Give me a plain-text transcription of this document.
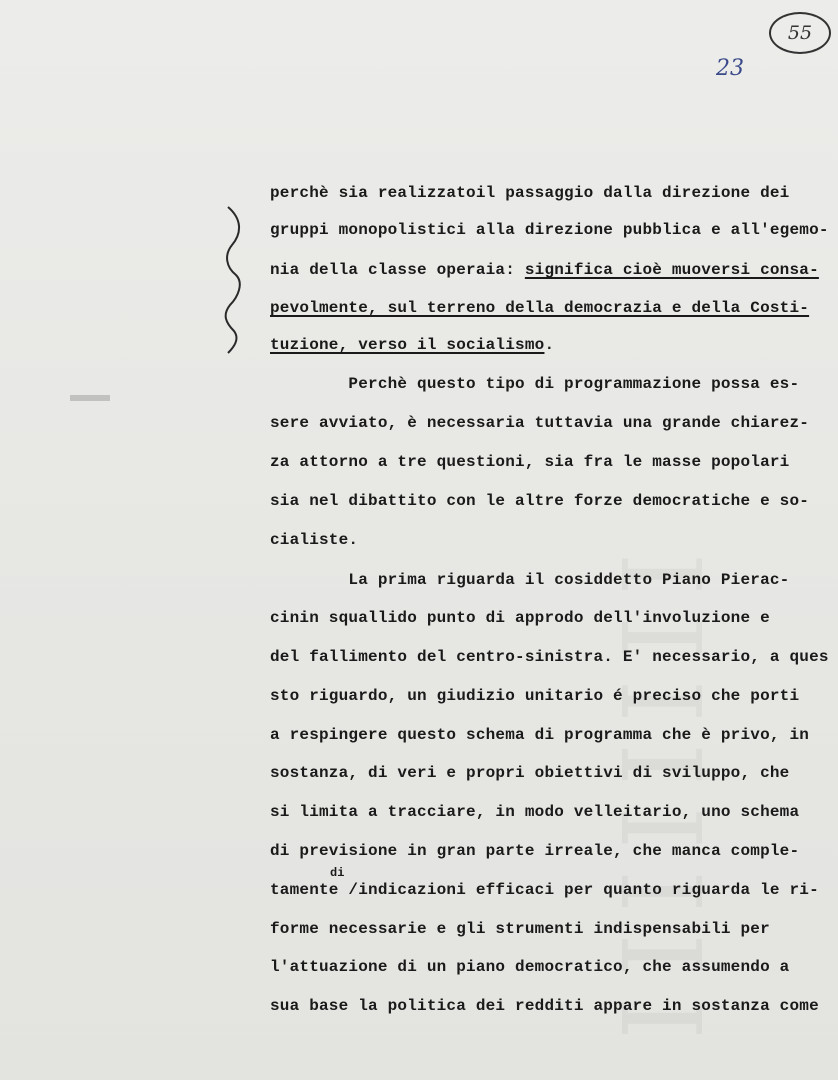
IIIIIIII
55
23
perchè sia realizzatoil passaggio dalla direzione dei
gruppi monopolistici alla direzione pubblica e all'egemo-
nia della classe operaia: significa cioè muoversi consa-
pevolmente, sul terreno della democrazia e della Costi-
tuzione, verso il socialismo.
Perchè questo tipo di programmazione possa es-
sere avviato, è necessaria tuttavia una grande chiarez-
za attorno a tre questioni, sia fra le masse popolari
sia nel dibattito con le altre forze democratiche e so-
cialiste.
La prima riguarda il cosiddetto Piano Pierac-
cinin squallido punto di approdo dell'involuzione e
del fallimento del centro-sinistra. E' necessario, a ques
sto riguardo, un giudizio unitario é preciso che porti
a respingere questo schema di programma che è privo, in
sostanza, di veri e propri obiettivi di sviluppo, che
si limita a tracciare, in modo velleitario, uno schema
di previsione in gran parte irreale, che manca comple-
tamente /indicazioni efficaci per quanto riguarda le ri-
forme necessarie e gli strumenti indispensabili per
l'attuazione di un piano democratico, che assumendo a
sua base la politica dei redditi appare in sostanza come
di
